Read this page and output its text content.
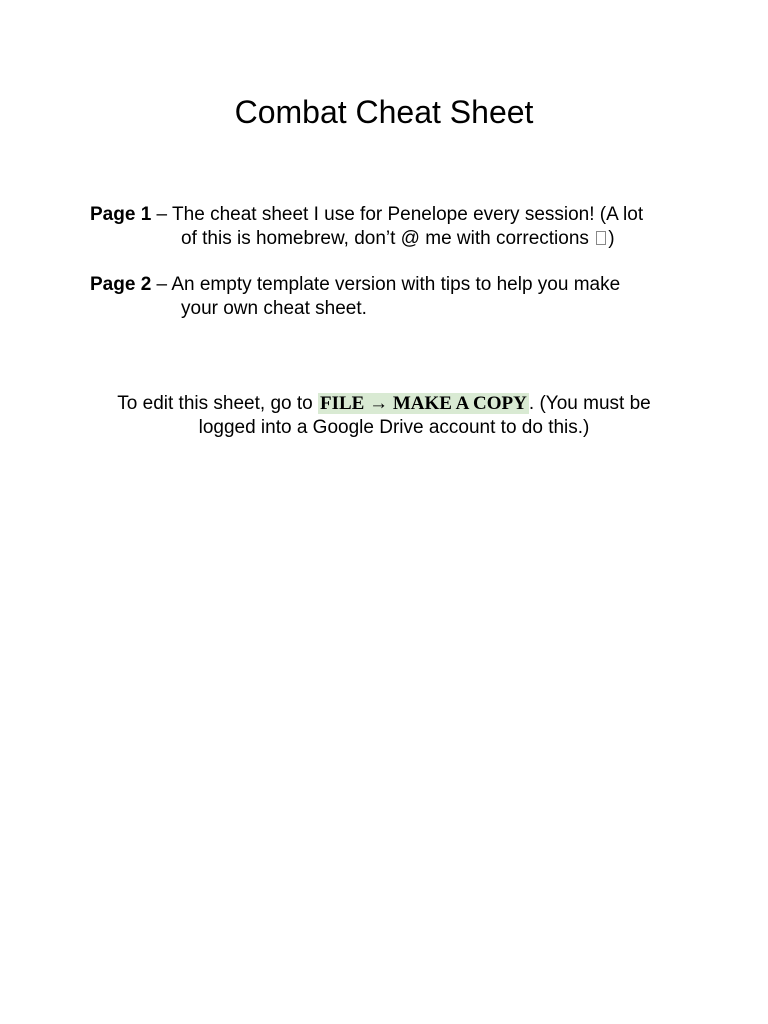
Combat Cheat Sheet

Page 1 – The cheat sheet I use for Penelope every session! (A lot
of this is homebrew, don’t @ me with corrections )

Page 2 – An empty template version with tips to help you make
your own cheat sheet.

To edit this sheet, go to FILE → MAKE A COPY . (You must be
logged into a Google Drive account to do this.)
